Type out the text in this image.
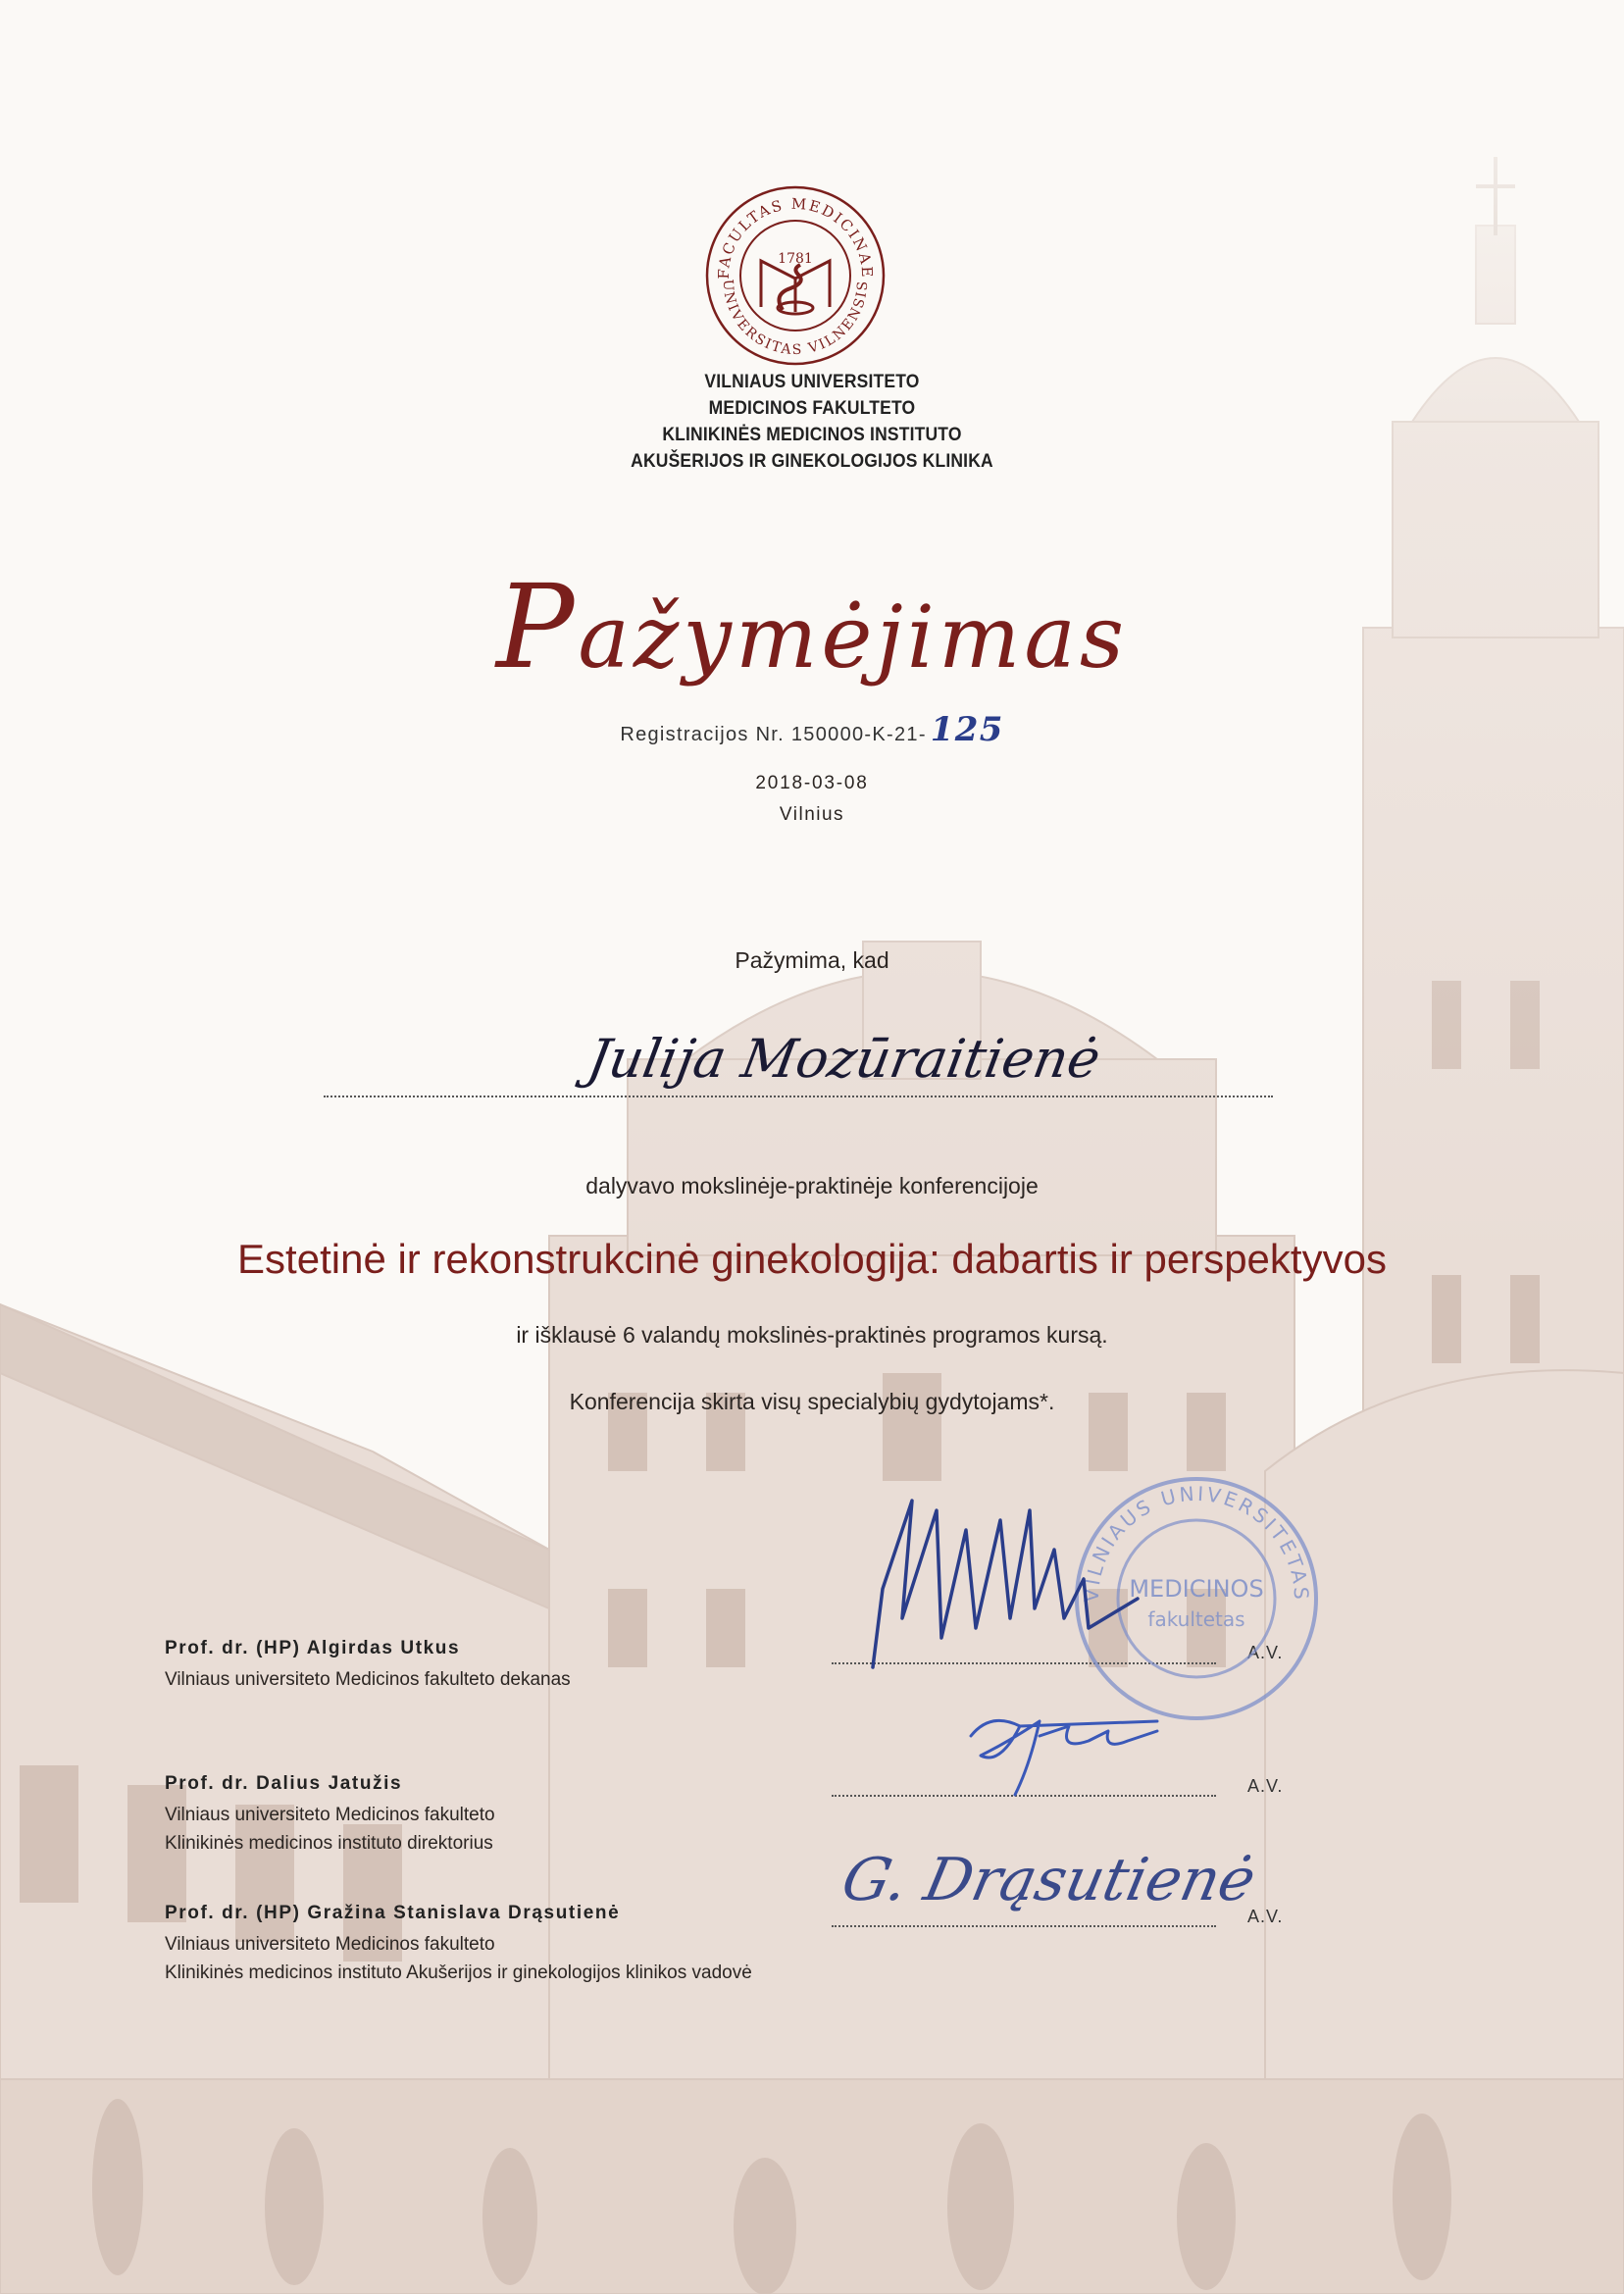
FACULTAS MEDICINAE
UNIVERSITAS VILNENSIS
1781
VILNIAUS UNIVERSITETO
MEDICINOS FAKULTETO
KLINIKINĖS MEDICINOS INSTITUTO
AKUŠERIJOS IR GINEKOLOGIJOS KLINIKA
Pažymėjimas
Registracijos Nr. 150000-K-21- 125
2018-03-08
Vilnius
Pažymima, kad
Julija Mozūraitienė
dalyvavo mokslinėje-praktinėje konferencijoje
Estetinė ir rekonstrukcinė ginekologija: dabartis ir perspektyvos
ir išklausė 6 valandų mokslinės-praktinės programos kursą.
Konferencija skirta visų specialybių gydytojams*.
VILNIAUS UNIVERSITETAS
MEDICINOS
fakultetas
G. Drąsutienė
Prof. dr. (HP) Algirdas Utkus
Vilniaus universiteto Medicinos fakulteto dekanas
A.V.
Prof. dr. Dalius Jatužis
Vilniaus universiteto Medicinos fakulteto
Klinikinės medicinos instituto direktorius
A.V.
Prof. dr. (HP) Gražina Stanislava Drąsutienė
Vilniaus universiteto Medicinos fakulteto
Klinikinės medicinos instituto Akušerijos ir ginekologijos klinikos vadovė
A.V.
